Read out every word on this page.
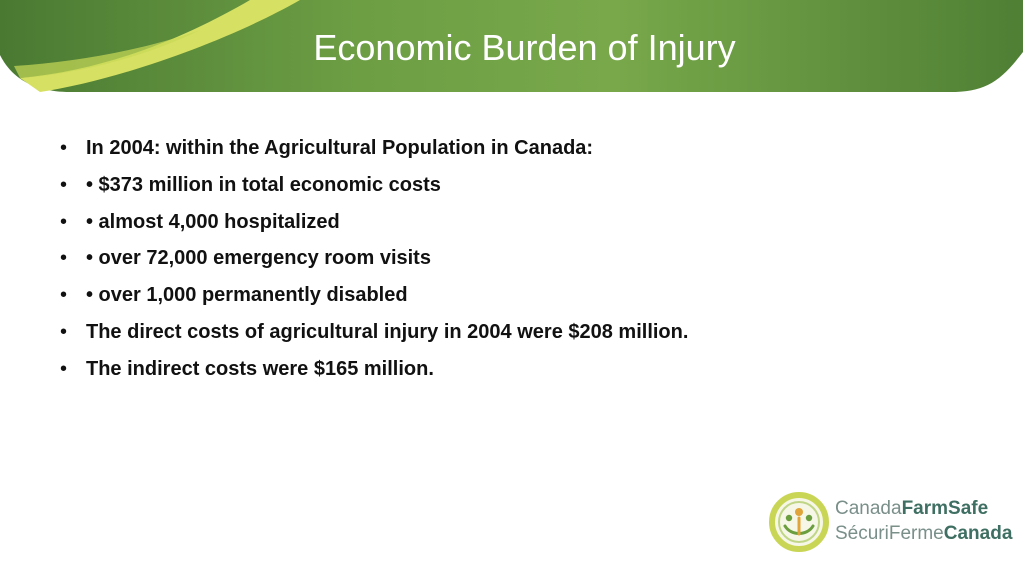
Economic Burden of Injury
• In 2004: within the Agricultural Population in Canada:
• • $373 million in total economic costs
• • almost 4,000 hospitalized
• • over 72,000 emergency room visits
• • over 1,000 permanently disabled
• The direct costs of agricultural injury in 2004 were $208 million.
• The indirect costs were $165 million.
CanadaFarmSafe
SécuriFermeCanada
